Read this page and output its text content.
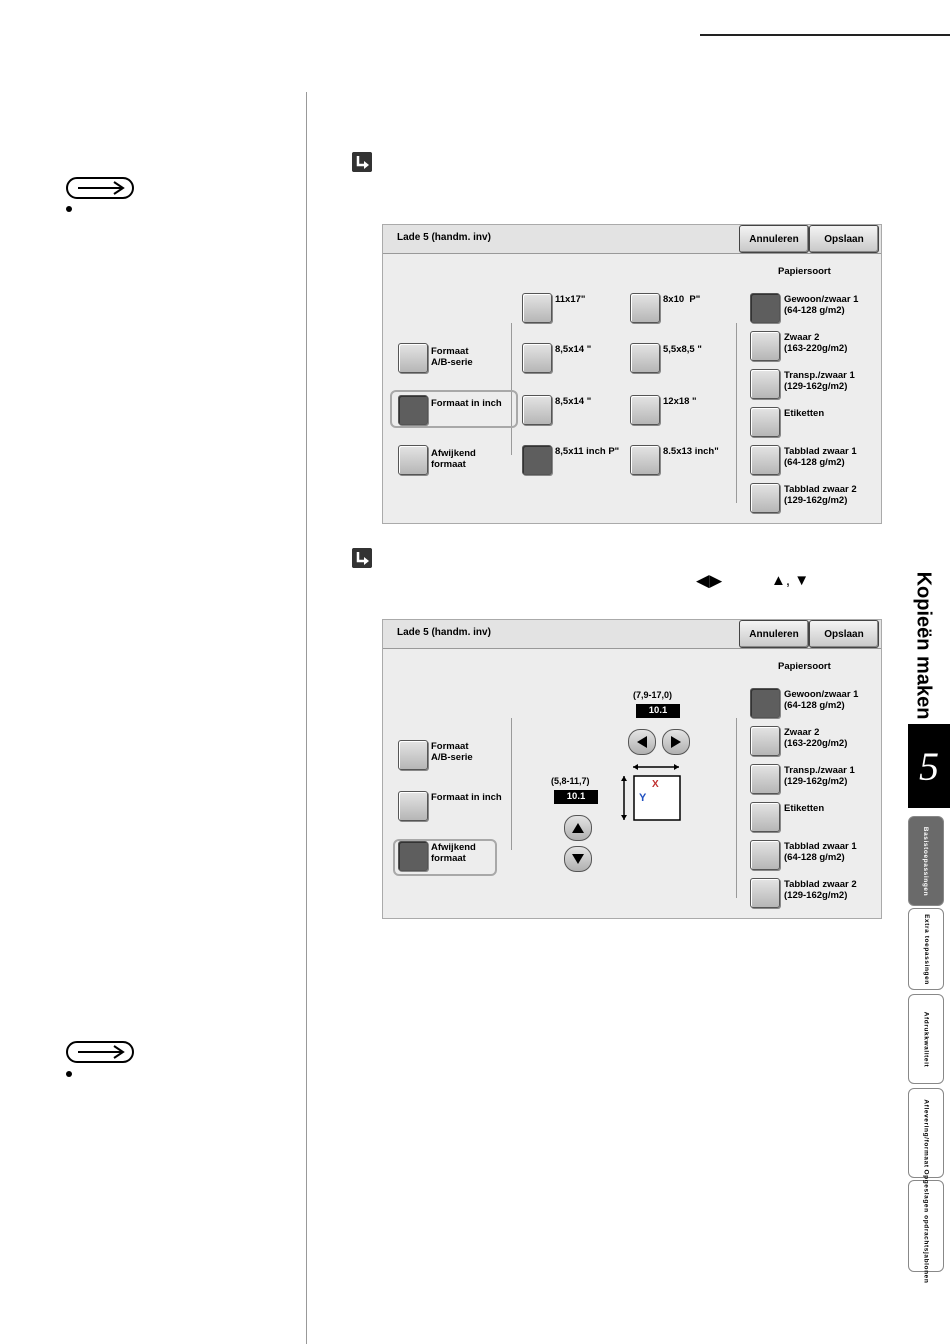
◀▶	▲, ▼
Lade 5 (handm. inv)	Annuleren	Opslaan
Papiersoort
Formaat
A/B-serie
Formaat in inch
Afwijkend
formaat
11x17"
8,5x14 "
8,5x14 "
8,5x11 inch P"
8x10  P"
5,5x8,5 "
12x18 "
8.5x13 inch"
Gewoon/zwaar 1
(64-128 g/m2)
Zwaar 2
(163-220g/m2)
Transp./zwaar 1
(129-162g/m2)
Etiketten
Tabblad zwaar 1
(64-128 g/m2)
Tabblad zwaar 2
(129-162g/m2)
Lade 5 (handm. inv)	Annuleren	Opslaan
Papiersoort
Formaat
A/B-serie
Formaat in inch
Afwijkend
formaat
(7,9-17,0)
10.1
(5,8-11,7)
10.1
X
Y
Gewoon/zwaar 1
(64-128 g/m2)
Zwaar 2
(163-220g/m2)
Transp./zwaar 1
(129-162g/m2)
Etiketten
Tabblad zwaar 1
(64-128 g/m2)
Tabblad zwaar 2
(129-162g/m2)
Kopieën maken
5
Basistoepassingen
Extra toepassingen
Afdrukkwaliteit
Aflevering/formaat
Opgeslagen opdrachtsjablonen
